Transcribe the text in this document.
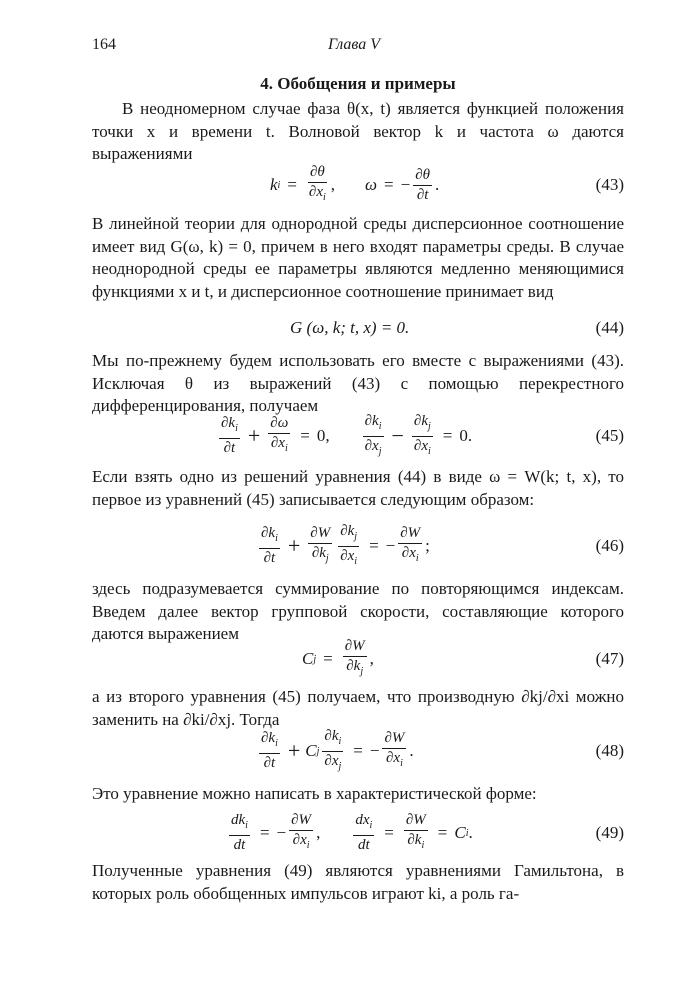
164	Глава V
4. Обобщения и примеры

В неодномерном случае фаза θ(x, t) является функцией положения точки x и времени t. Волновой вектор k и частота ω даются выражениями

k $i = \frac{\partial\theta}{\partial x_i}$ , ω = − $\frac{\partial\theta}{\partial t}$ .	(43)

В линейной теории для однородной среды дисперсионное соотношение имеет вид G(ω, k) = 0, причем в него входят параметры среды. В случае неоднородной среды ее параметры являются медленно меняющимися функциями x и t, и дисперсионное соотношение принимает вид

G (ω, k; t, x) = 0.	(44)

Мы по-прежнему будем использовать его вместе с выражениями (43). Исключая θ из выражений (43) с помощью перекрестного дифференцирования, получаем

$\frac{\partial k_i}{\partial t} + \frac{\partial\omega}{\partial x_i} = 0$, $\frac{\partial k_i}{\partial x_j} - \frac{\partial k_j}{\partial x_i} = 0$.	(45)

Если взять одно из решений уравнения (44) в виде ω = W(k; t, x), то первое из уравнений (45) записывается следующим образом:

$\frac{\partial k_i}{\partial t} + \frac{\partial W}{\partial k_j} \frac{\partial k_j}{\partial x_i}$ = − $\frac{\partial W}{\partial x_i}$ ;	(46)

здесь подразумевается суммирование по повторяющимся индексам. Введем далее вектор групповой скорости, составляющие которого даются выражением

C $j = \frac{\partial W}{\partial k_j}$ ,	(47)

а из второго уравнения (45) получаем, что производную ∂kj/∂xi можно заменить на ∂ki/∂xj. Тогда

$\frac{\partial k_i}{\partial t} + C$ j $\frac{\partial k_i}{\partial x_j}$ = − $\frac{\partial W}{\partial x_i}$ .	(48)

Это уравнение можно написать в характеристической форме:

$\frac{dk_i}{dt}$ = − $\frac{\partial W}{\partial x_i}$ , $\frac{dx_i}{dt} = \frac{\partial W}{\partial k_i} = C$ i .	(49)

Полученные уравнения (49) являются уравнениями Гамильтона, в которых роль обобщенных импульсов играют ki, а роль га-
